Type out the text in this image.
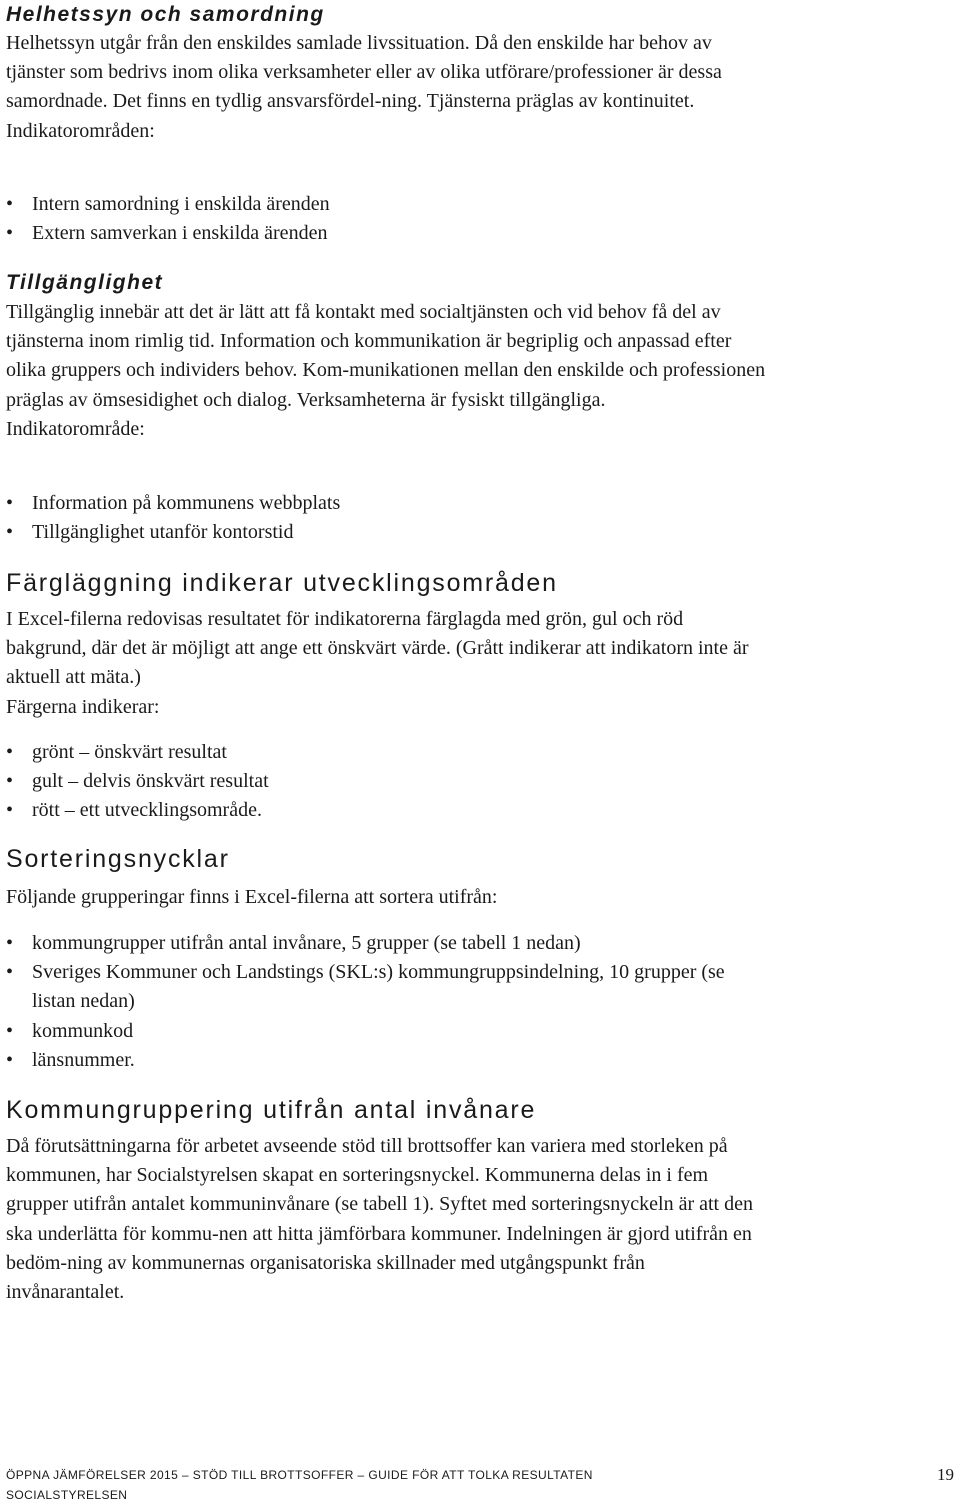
Helhetssyn och samordning

Helhetssyn utgår från den enskildes samlade livssituation. Då den enskilde har behov av tjänster som bedrivs inom olika verksamheter eller av olika utförare/professioner är dessa samordnade. Det finns en tydlig ansvarsfördel-ning. Tjänsterna präglas av kontinuitet.

Indikatorområden:

• Intern samordning i enskilda ärenden
• Extern samverkan i enskilda ärenden
Tillgänglighet

Tillgänglig innebär att det är lätt att få kontakt med socialtjänsten och vid behov få del av tjänsterna inom rimlig tid. Information och kommunikation är begriplig och anpassad efter olika gruppers och individers behov. Kom-munikationen mellan den enskilde och professionen präglas av ömsesidighet och dialog. Verksamheterna är fysiskt tillgängliga.

Indikatorområde:

• Information på kommunens webbplats
• Tillgänglighet utanför kontorstid
Färgläggning indikerar utvecklingsområden

I Excel-filerna redovisas resultatet för indikatorerna färglagda med grön, gul och röd bakgrund, där det är möjligt att ange ett önskvärt värde. (Grått indikerar att indikatorn inte är aktuell att mäta.)

Färgerna indikerar:

• grönt – önskvärt resultat
• gult – delvis önskvärt resultat
• rött – ett utvecklingsområde.
Sorteringsnycklar

Följande grupperingar finns i Excel-filerna att sortera utifrån:

• kommungrupper utifrån antal invånare, 5 grupper (se tabell 1 nedan)
• Sveriges Kommuner och Landstings (SKL:s) kommungruppsindelning, 10 grupper (se listan nedan)
• kommunkod
• länsnummer.
Kommungruppering utifrån antal invånare

Då förutsättningarna för arbetet avseende stöd till brottsoffer kan variera med storleken på kommunen, har Socialstyrelsen skapat en sorteringsnyckel. Kommunerna delas in i fem grupper utifrån antalet kommuninvånare (se tabell 1). Syftet med sorteringsnyckeln är att den ska underlätta för kommu-nen att hitta jämförbara kommuner. Indelningen är gjord utifrån en bedöm-ning av kommunernas organisatoriska skillnader med utgångspunkt från invånarantalet.

ÖPPNA JÄMFÖRELSER 2015 – STÖD TILL BROTTSOFFER – GUIDE FÖR ATT TOLKA RESULTATEN
SOCIALSTYRELSEN
19
